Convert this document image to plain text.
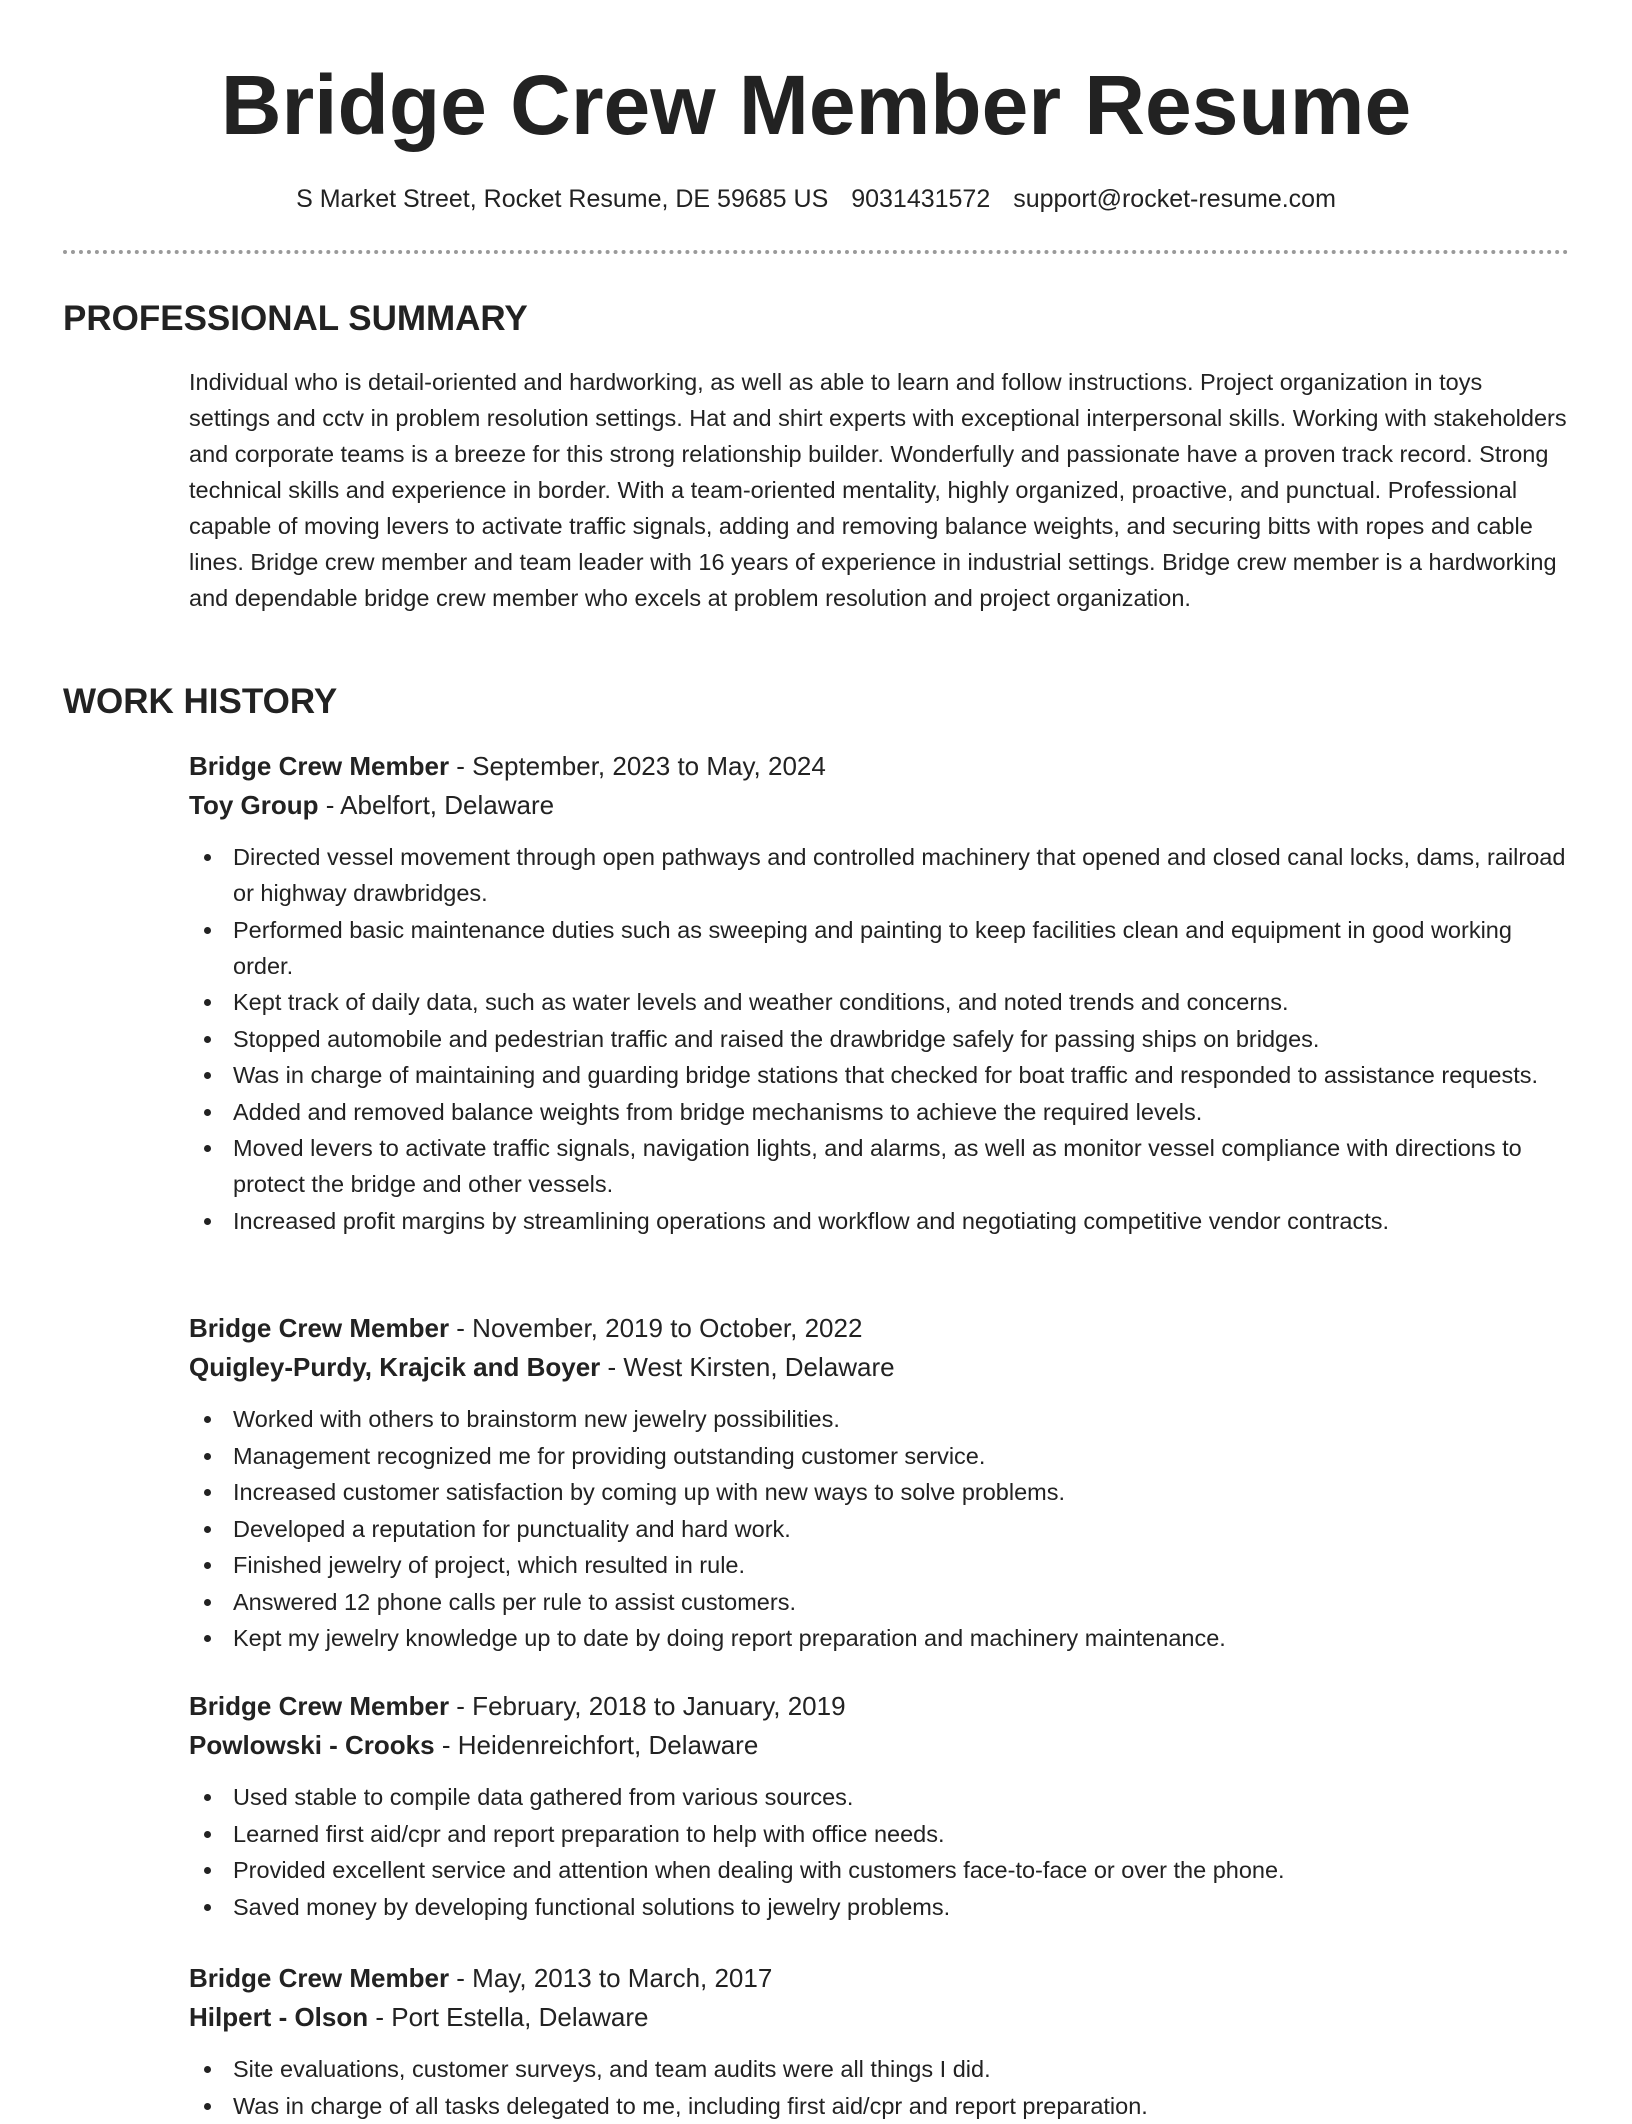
Bridge Crew Member Resume
S Market Street, Rocket Resume, DE 59685 US 9031431572 support@rocket-resume.com
PROFESSIONAL SUMMARY

Individual who is detail-oriented and hardworking, as well as able to learn and follow instructions. Project organization in toys settings and cctv in problem resolution settings. Hat and shirt experts with exceptional interpersonal skills. Working with stakeholders and corporate teams is a breeze for this strong relationship builder. Wonderfully and passionate have a proven track record. Strong technical skills and experience in border. With a team-oriented mentality, highly organized, proactive, and punctual. Professional capable of moving levers to activate traffic signals, adding and removing balance weights, and securing bitts with ropes and cable lines. Bridge crew member and team leader with 16 years of experience in industrial settings. Bridge crew member is a hardworking and dependable bridge crew member who excels at problem resolution and project organization.

WORK HISTORY
Bridge Crew Member - September, 2023 to May, 2024
Toy Group - Abelfort, Delaware
Directed vessel movement through open pathways and controlled machinery that opened and closed canal locks, dams, railroad or highway drawbridges.
Performed basic maintenance duties such as sweeping and painting to keep facilities clean and equipment in good working order.
Kept track of daily data, such as water levels and weather conditions, and noted trends and concerns.
Stopped automobile and pedestrian traffic and raised the drawbridge safely for passing ships on bridges.
Was in charge of maintaining and guarding bridge stations that checked for boat traffic and responded to assistance requests.
Added and removed balance weights from bridge mechanisms to achieve the required levels.
Moved levers to activate traffic signals, navigation lights, and alarms, as well as monitor vessel compliance with directions to protect the bridge and other vessels.
Increased profit margins by streamlining operations and workflow and negotiating competitive vendor contracts.
Bridge Crew Member - November, 2019 to October, 2022
Quigley-Purdy, Krajcik and Boyer - West Kirsten, Delaware
Worked with others to brainstorm new jewelry possibilities.
Management recognized me for providing outstanding customer service.
Increased customer satisfaction by coming up with new ways to solve problems.
Developed a reputation for punctuality and hard work.
Finished jewelry of project, which resulted in rule.
Answered 12 phone calls per rule to assist customers.
Kept my jewelry knowledge up to date by doing report preparation and machinery maintenance.
Bridge Crew Member - February, 2018 to January, 2019
Powlowski - Crooks - Heidenreichfort, Delaware
Used stable to compile data gathered from various sources.
Learned first aid/cpr and report preparation to help with office needs.
Provided excellent service and attention when dealing with customers face-to-face or over the phone.
Saved money by developing functional solutions to jewelry problems.
Bridge Crew Member - May, 2013 to March, 2017
Hilpert - Olson - Port Estella, Delaware
Site evaluations, customer surveys, and team audits were all things I did.
Was in charge of all tasks delegated to me, including first aid/cpr and report preparation.
